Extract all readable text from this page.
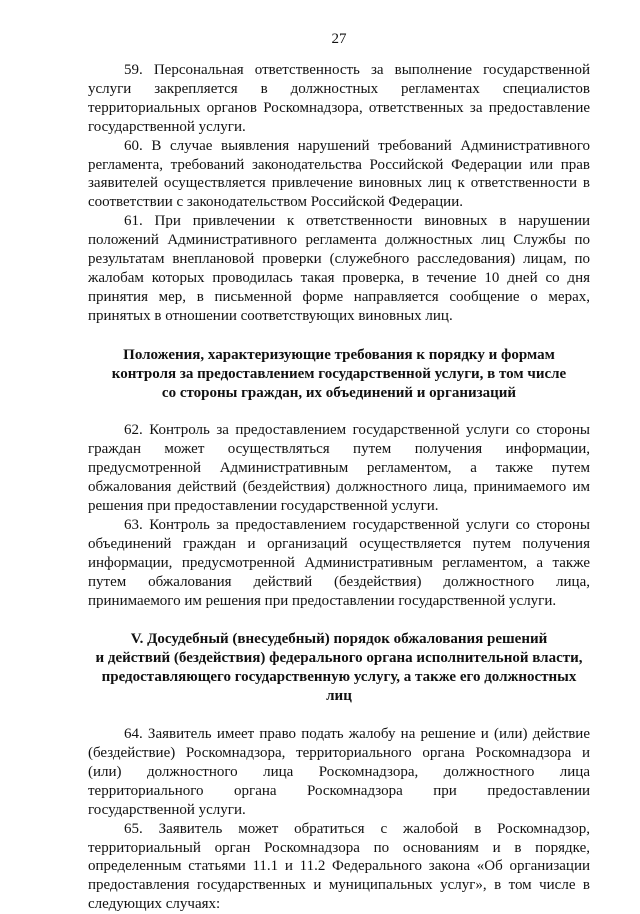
27

59. Персональная ответственность за выполнение государственной услуги закрепляется в должностных регламентах специалистов территориальных органов Роскомнадзора, ответственных за предоставление государственной услуги.

60. В случае выявления нарушений требований Административного регламента, требований законодательства Российской Федерации или прав заявителей осуществляется привлечение виновных лиц к ответственности в соответствии с законодательством Российской Федерации.

61. При привлечении к ответственности виновных в нарушении положений Административного регламента должностных лиц Службы по результатам внеплановой проверки (служебного расследования) лицам, по жалобам которых проводилась такая проверка, в течение 10 дней со дня принятия мер, в письменной форме направляется сообщение о мерах, принятых в отношении соответствующих виновных лиц.

Положения, характеризующие требования к порядку и формам
контроля за предоставлением государственной услуги, в том числе
со стороны граждан, их объединений и организаций

62. Контроль за предоставлением государственной услуги со стороны граждан может осуществляться путем получения информации, предусмотренной Административным регламентом, а также путем обжалования действий (бездействия) должностного лица, принимаемого им решения при предоставлении государственной услуги.

63. Контроль за предоставлением государственной услуги со стороны объединений граждан и организаций осуществляется путем получения информации, предусмотренной Административным регламентом, а также путем обжалования действий (бездействия) должностного лица, принимаемого им решения при предоставлении государственной услуги.

V. Досудебный (внесудебный) порядок обжалования решений
и действий (бездействия) федерального органа исполнительной власти,
предоставляющего государственную услугу, а также его должностных
лиц

64. Заявитель имеет право подать жалобу на решение и (или) действие (бездействие) Роскомнадзора, территориального органа Роскомнадзора и (или) должностного лица Роскомнадзора, должностного лица территориального органа Роскомнадзора при предоставлении государственной услуги.

65. Заявитель может обратиться с жалобой в Роскомнадзор, территориальный орган Роскомнадзора по основаниям и в порядке, определенным статьями 11.1 и 11.2 Федерального закона «Об организации предоставления государственных и муниципальных услуг», в том числе в следующих случаях:
